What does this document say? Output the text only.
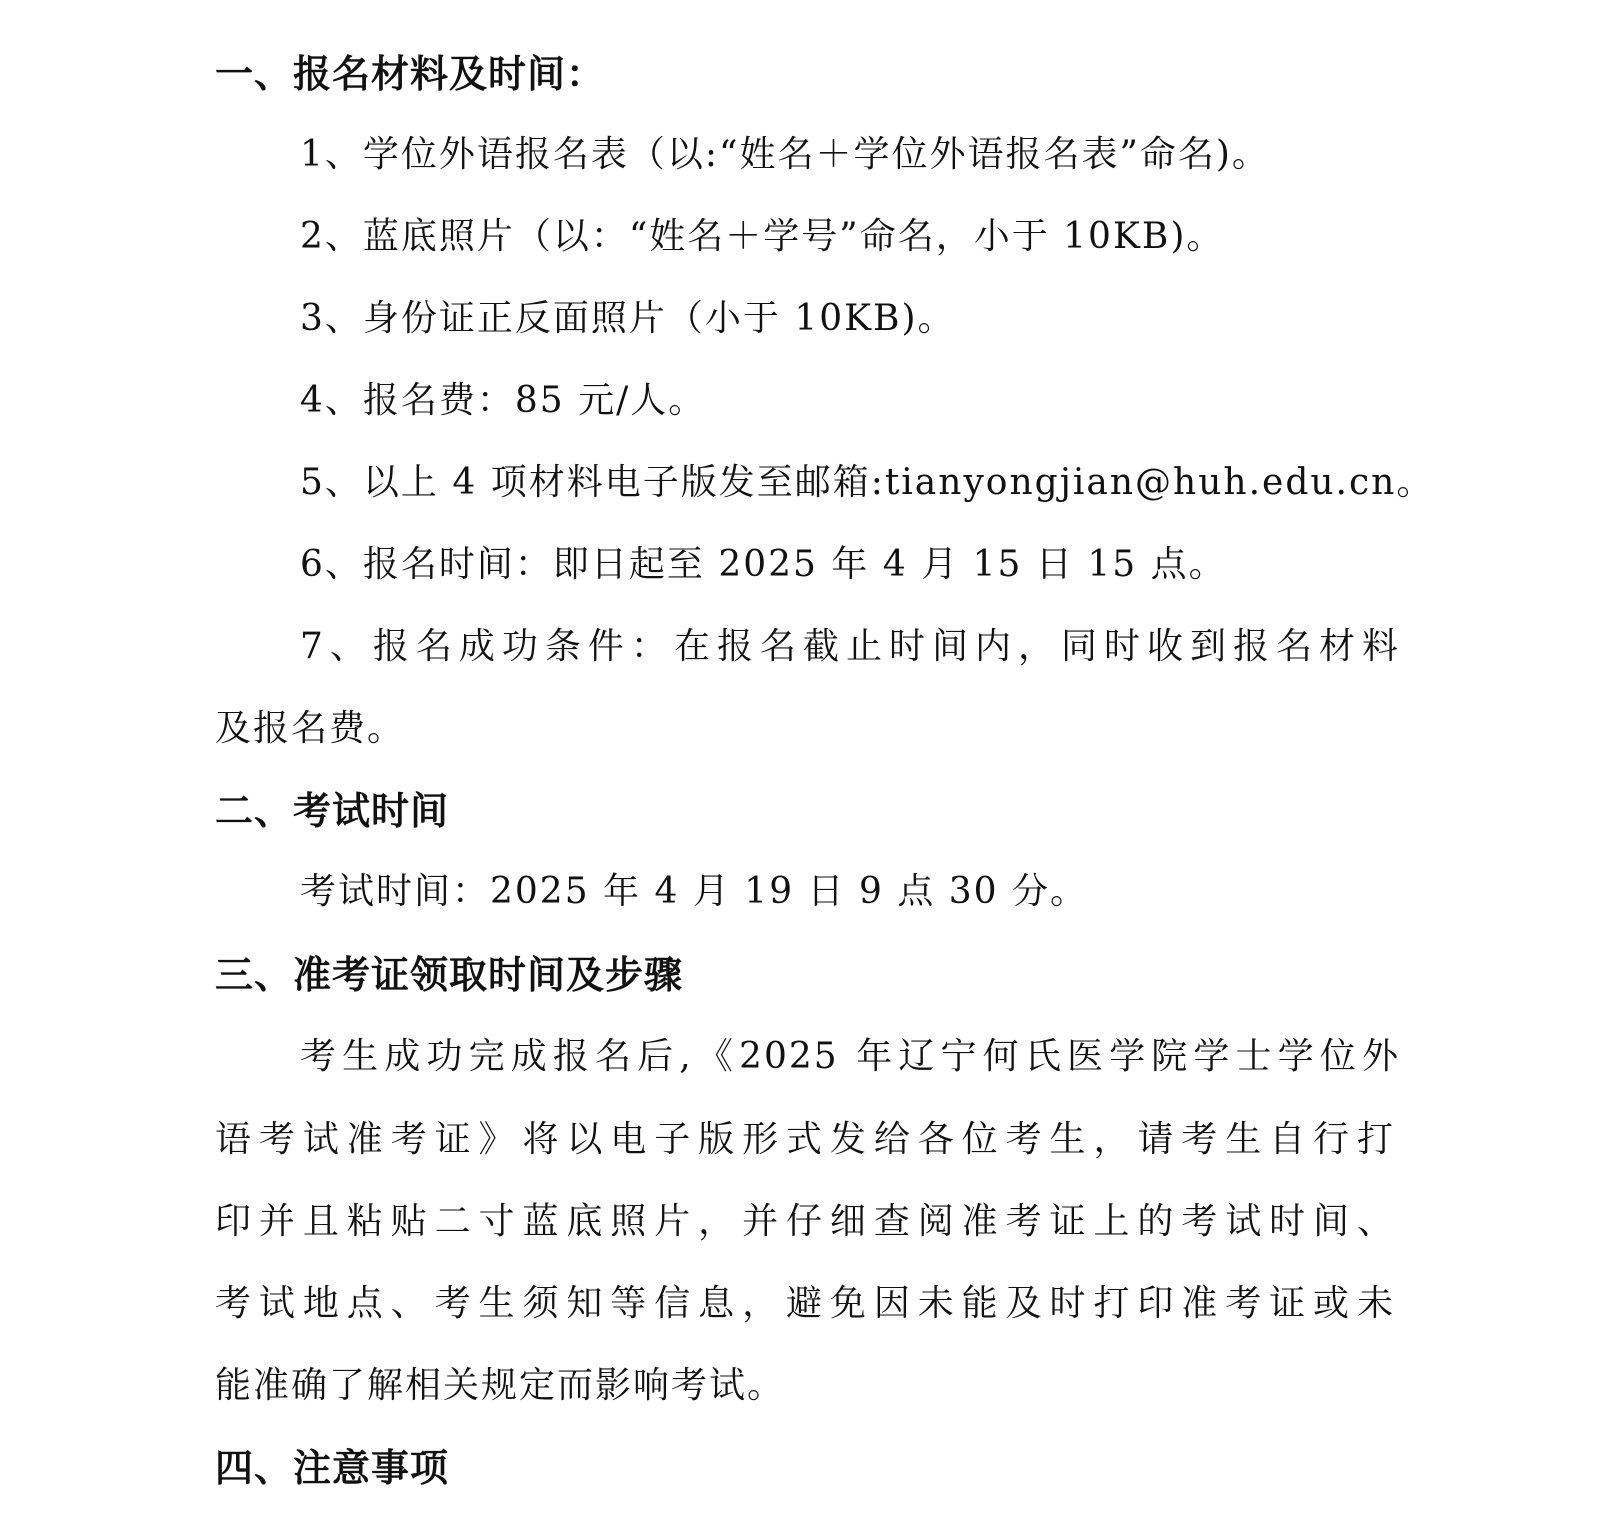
一、报名材料及时间：
1、学位外语报名表（以:“姓名＋学位外语报名表”命名)。
2、蓝底照片（以：“姓名＋学号”命名，小于 10KB)。
3、身份证正反面照片（小于 10KB)。
4、报名费：85 元/人。
5、以上 4 项材料电子版发至邮箱:tianyongjian@huh.edu.cn。
6、报名时间：即日起至 2025 年 4 月 15 日 15 点。
7、报名成功条件：在报名截止时间内，同时收到报名材料
及报名费。
二、考试时间
考试时间：2025 年 4 月 19 日 9 点 30 分。
三、准考证领取时间及步骤
考生成功完成报名后,《2025 年辽宁何氏医学院学士学位外
语考试准考证》将以电子版形式发给各位考生，请考生自行打
印并且粘贴二寸蓝底照片，并仔细查阅准考证上的考试时间、
考试地点、考生须知等信息，避免因未能及时打印准考证或未
能准确了解相关规定而影响考试。
四、注意事项
